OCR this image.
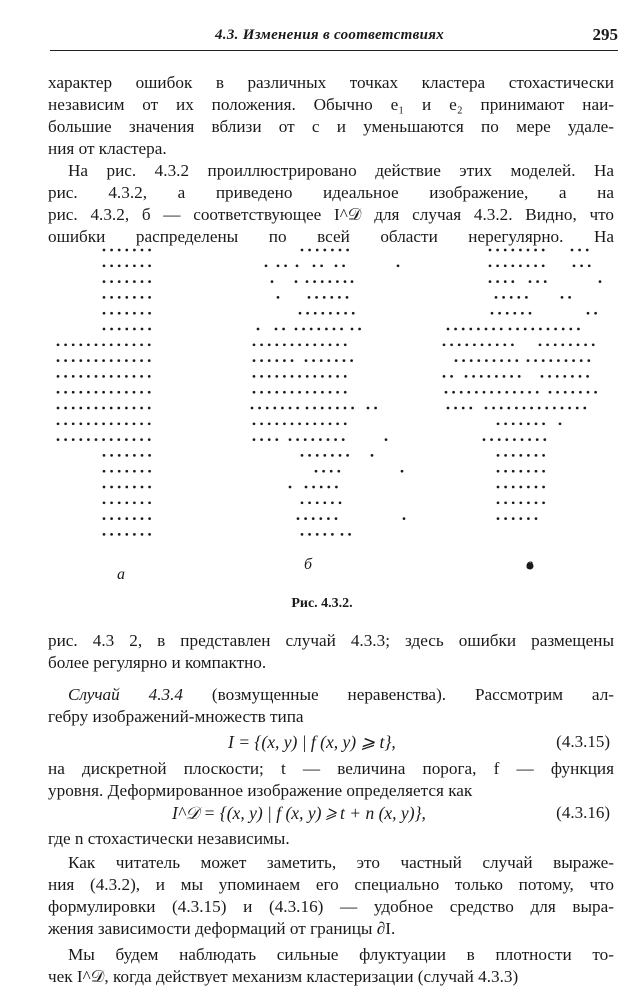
4.3. Изменения в соответствиях	295
характер ошибок в различных точках кластера стохастически
независим от их положения. Обычно e₁ и e₂ принимают наи-
большие значения вблизи от c и уменьшаются по мере удале-
ния от кластера.
На рис. 4.3.2 проиллюстрировано действие этих моделей. На
рис. 4.3.2, а приведено идеальное изображение, а на
рис. 4.3.2, б — соответствующее I^𝒟 для случая 4.3.2. Видно, что
ошибки распределены по всей области нерегулярно. На
а
б	в
Рис. 4.3.2.
рис. 4.3 2, в представлен случай 4.3.3; здесь ошибки размещены
более регулярно и компактно.
Случай 4.3.4 (возмущенные неравенства). Рассмотрим ал-
гебру изображений-множеств типа
I = {(x, y) | f (x, y) ⩾ t},	(4.3.15)
на дискретной плоскости; t — величина порога, f — функция
уровня. Деформированное изображение определяется как
I^𝒟 = {(x, y) | f (x, y) ⩾ t + n (x, y)},	(4.3.16)
где n стохастически независимы.
Как читатель может заметить, это частный случай выраже-
ния (4.3.2), и мы упоминаем его специально только потому, что
формулировки (4.3.15) и (4.3.16) — удобное средство для выра-
жения зависимости деформаций от границы ∂I.
Мы будем наблюдать сильные флуктуации в плотности то-
чек I^𝒟, когда действует механизм кластеризации (случай 4.3.3)
